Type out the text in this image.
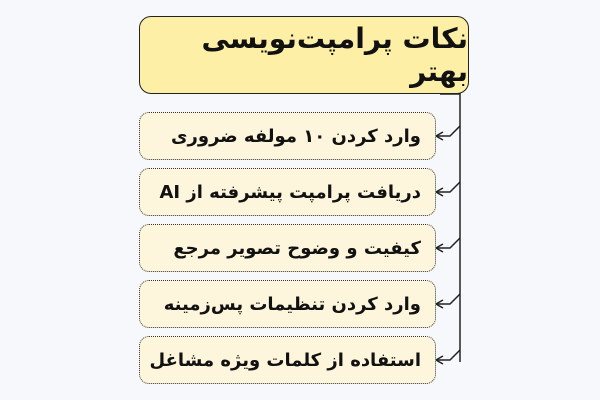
نکات پرامپت‌نویسی بهتر
وارد کردن ۱۰ مولفه ضروری
دریافت پرامپت پیشرفته از AI
کیفیت و وضوح تصویر مرجع
وارد کردن تنظیمات پس‌زمینه
استفاده از کلمات ویژه مشاغل
